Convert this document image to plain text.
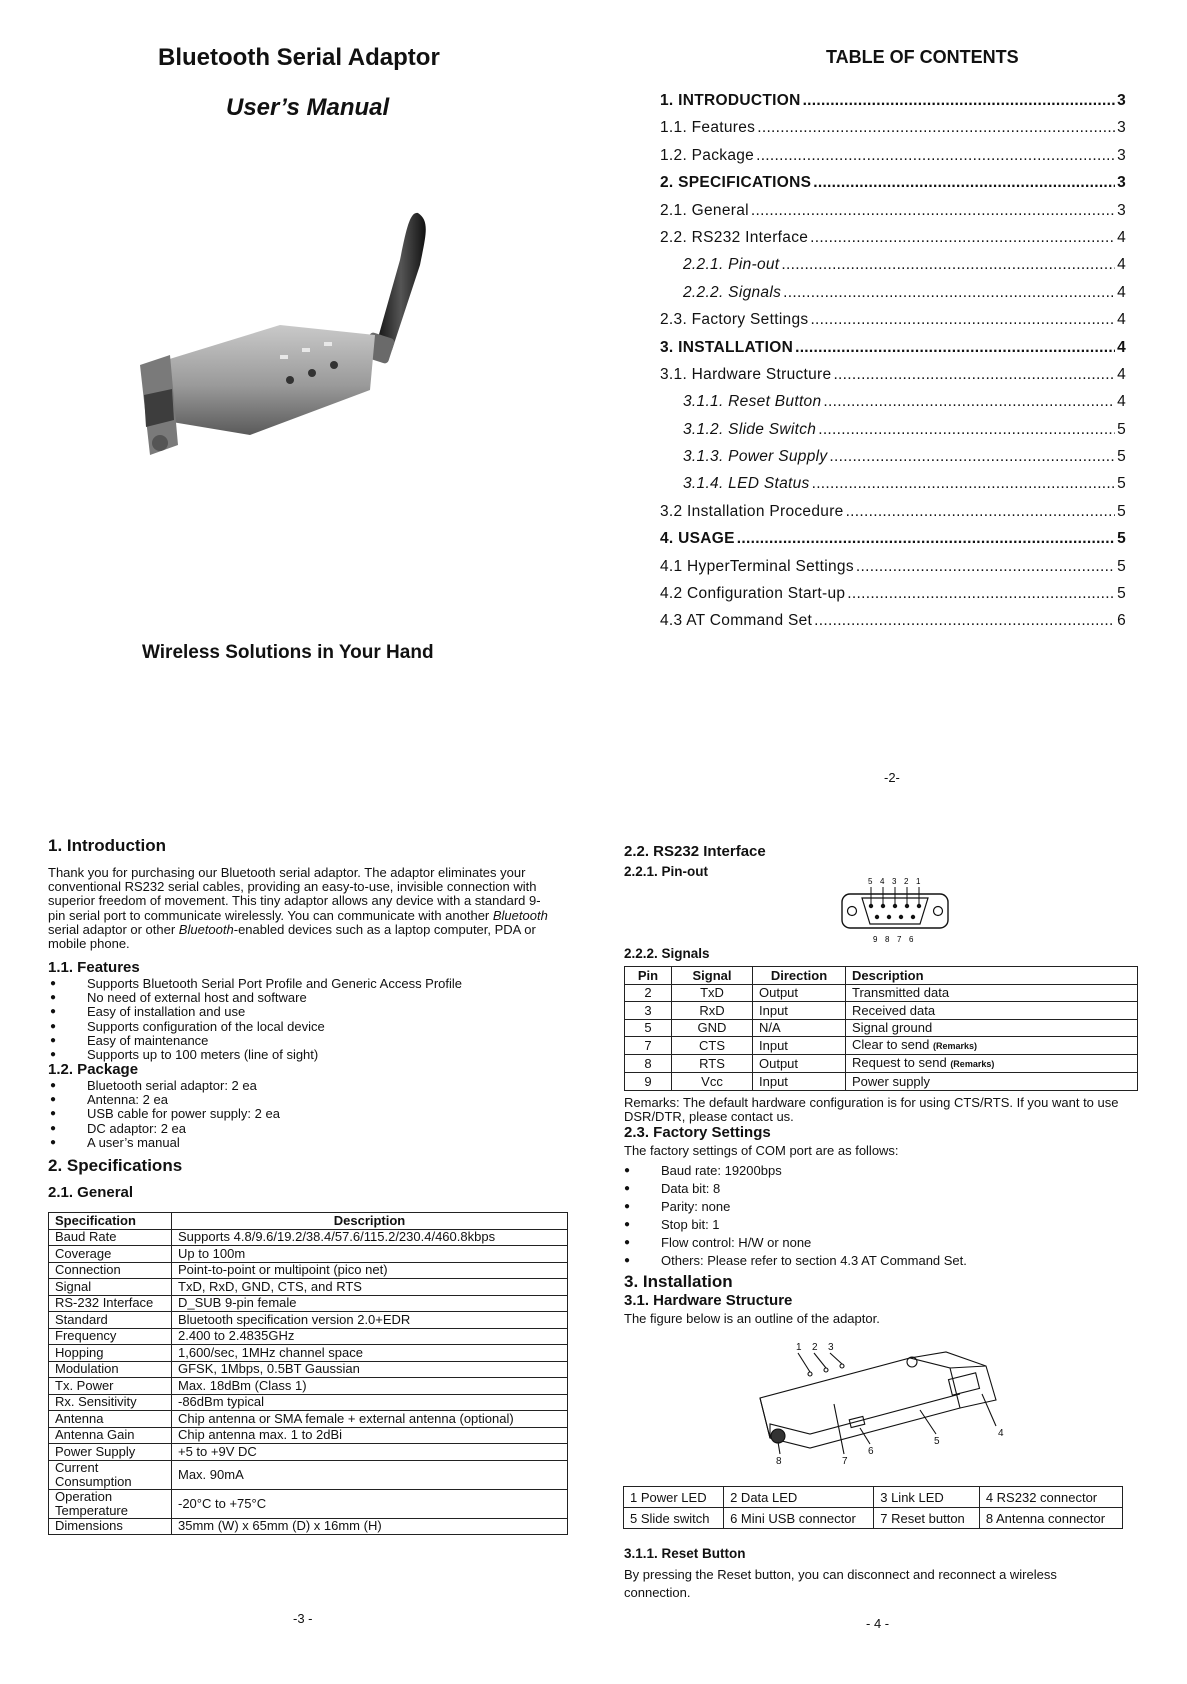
Bluetooth Serial Adaptor
User’s Manual
Wireless Solutions in Your Hand
TABLE OF CONTENTS
1. INTRODUCTION .....	3
1.1. Features .....	3
1.2. Package .....	3
2. SPECIFICATIONS .....	3
2.1. General .....	3
2.2. RS232 Interface .....	4
2.2.1. Pin-out .....	4
2.2.2. Signals .....	4
2.3. Factory Settings .....	4
3. INSTALLATION .....	4
3.1. Hardware Structure .....	4
3.1.1. Reset Button .....	4
3.1.2. Slide Switch .....	5
3.1.3. Power Supply .....	5
3.1.4. LED Status .....	5
3.2 Installation Procedure .....	5
4. USAGE .....	5
4.1 HyperTerminal Settings .....	5
4.2 Configuration Start-up .....	5
4.3 AT Command Set .....	6
-2-
1. Introduction
Thank you for purchasing our Bluetooth serial adaptor. The adaptor eliminates your conventional RS232 serial cables, providing an easy-to-use, invisible connection with superior freedom of movement. This tiny adaptor allows any device with a standard 9-pin serial port to communicate wirelessly. You can communicate with another Bluetooth serial adaptor or other Bluetooth-enabled devices such as a laptop computer, PDA or mobile phone.
1.1. Features
● Supports Bluetooth Serial Port Profile and Generic Access Profile
● No need of external host and software
● Easy of installation and use
● Supports configuration of the local device
● Easy of maintenance
● Supports up to 100 meters (line of sight)
1.2. Package
● Bluetooth serial adaptor: 2 ea
● Antenna: 2 ea
● USB cable for power supply: 2 ea
● DC adaptor: 2 ea
● A user’s manual
2. Specifications
2.1. General
Specification	Description
Baud Rate	Supports 4.8/9.6/19.2/38.4/57.6/115.2/230.4/460.8kbps
Coverage	Up to 100m
Connection	Point-to-point or multipoint (pico net)
Signal	TxD, RxD, GND, CTS, and RTS
RS-232 Interface	D_SUB 9-pin female
Standard	Bluetooth specification version 2.0+EDR
Frequency	2.400 to 2.4835GHz
Hopping	1,600/sec, 1MHz channel space
Modulation	GFSK, 1Mbps, 0.5BT Gaussian
Tx. Power	Max. 18dBm (Class 1)
Rx. Sensitivity	-86dBm typical
Antenna	Chip antenna or SMA female + external antenna (optional)
Antenna Gain	Chip antenna max. 1 to 2dBi
Power Supply	+5 to +9V DC
Current Consumption	Max. 90mA
Operation Temperature	-20°C to +75°C
Dimensions	35mm (W) x 65mm (D) x 16mm (H)
-3 -
2.2. RS232 Interface
2.2.1. Pin-out
5 4 3 2 1
9 8 7 6
2.2.2. Signals
Pin	Signal	Direction	Description
2	TxD	Output	Transmitted data
3	RxD	Input	Received data
5	GND	N/A	Signal ground
7	CTS	Input	Clear to send (Remarks)
8	RTS	Output	Request to send (Remarks)
9	Vcc	Input	Power supply
Remarks: The default hardware configuration is for using CTS/RTS. If you want to use DSR/DTR, please contact us.
2.3. Factory Settings
The factory settings of COM port are as follows:
● Baud rate: 19200bps
● Data bit: 8
● Parity: none
● Stop bit: 1
● Flow control: H/W or none
● Others: Please refer to section 4.3 AT Command Set.
3. Installation
3.1. Hardware Structure
The figure below is an outline of the adaptor.
1 2 3
4
5
6
7
8
1 Power LED	2 Data LED	3 Link LED	4 RS232 connector
5 Slide switch	6 Mini USB connector	7 Reset button	8 Antenna connector
3.1.1. Reset Button
By pressing the Reset button, you can disconnect and reconnect a wireless connection.
- 4 -
